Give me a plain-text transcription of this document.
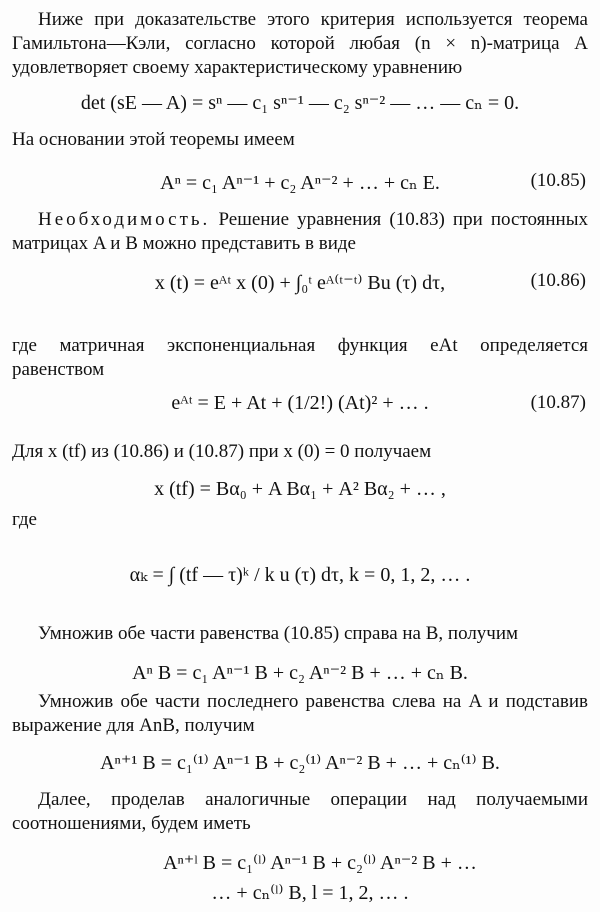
Ниже при доказательстве этого критерия используется теорема Гамильтона—Кэли, согласно которой любая (n × n)-матрица A удовлетворяет своему характеристическому уравнению
det (sE — A) = sⁿ — c₁ sⁿ⁻¹ — c₂ sⁿ⁻² — … — cₙ = 0.
На основании этой теоремы имеем
Aⁿ = c₁ Aⁿ⁻¹ + c₂ Aⁿ⁻² + … + cₙ E.	(10.85)
Необходимость. Решение уравнения (10.83) при постоянных матрицах A и B можно представить в виде
x (t) = eᴬᵗ x (0) + ∫₀ᵗ eᴬ⁽ᵗ⁻ᵗ⁾ Bu (τ) dτ,	(10.86)
где матричная экспоненциальная функция eAt определяется равенством
eᴬᵗ = E + At + (1/2!) (At)² + … .	(10.87)
Для x (tf) из (10.86) и (10.87) при x (0) = 0 получаем
x (tf) = Bα₀ + A Bα₁ + A² Bα₂ + … ,
где
αₖ = ∫ (tf — τ)ᵏ / k u (τ) dτ, k = 0, 1, 2, … .
Умножив обе части равенства (10.85) справа на B, получим
Aⁿ B = c₁ Aⁿ⁻¹ B + c₂ Aⁿ⁻² B + … + cₙ B.
Умножив обе части последнего равенства слева на A и подставив выражение для AnB, получим
Aⁿ⁺¹ B = c₁⁽¹⁾ Aⁿ⁻¹ B + c₂⁽¹⁾ Aⁿ⁻² B + … + cₙ⁽¹⁾ B.
Далее, проделав аналогичные операции над получаемыми соотношениями, будем иметь
Aⁿ⁺ˡ B = c₁⁽ˡ⁾ Aⁿ⁻¹ B + c₂⁽ˡ⁾ Aⁿ⁻² B + …
… + cₙ⁽ˡ⁾ B, l = 1, 2, … .
